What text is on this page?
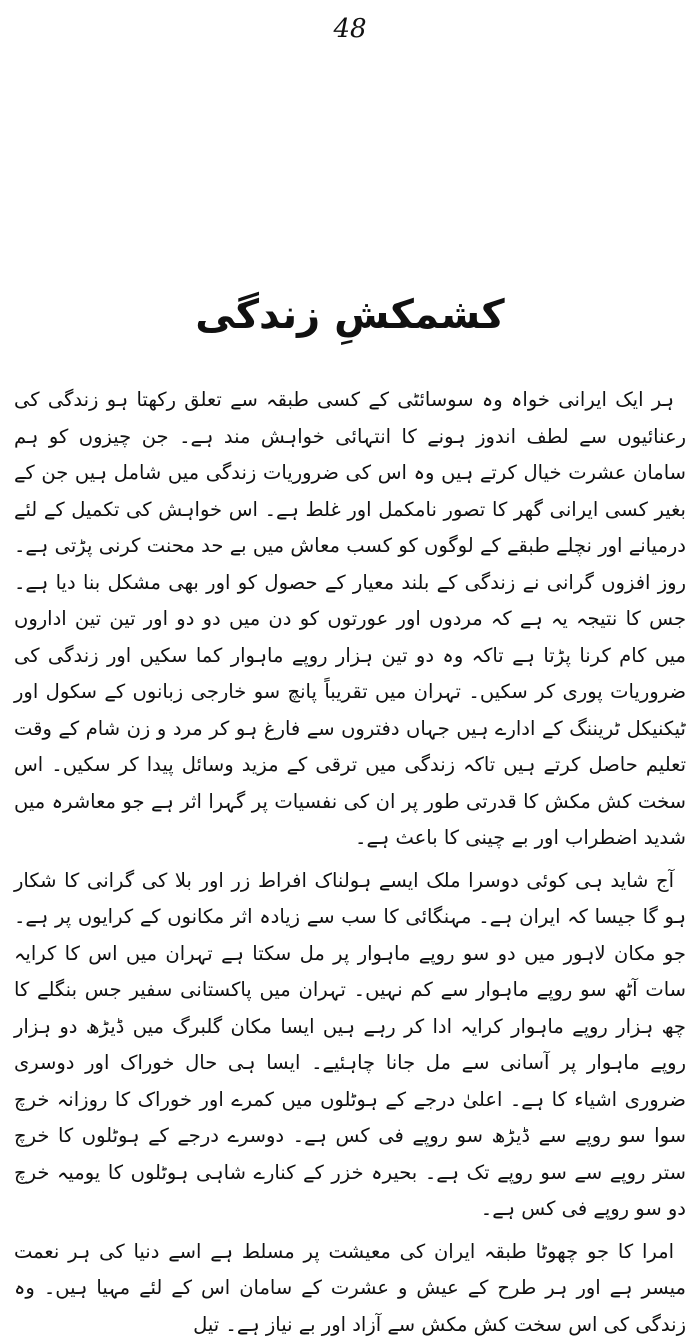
48
کشمکشِ زندگی

ہر ایک ایرانی خواہ وہ سوسائٹی کے کسی طبقہ سے تعلق رکھتا ہو زندگی کی رعنائیوں سے لطف اندوز ہونے کا انتہائی خواہش مند ہے۔ جن چیزوں کو ہم سامان عشرت خیال کرتے ہیں وہ اس کی ضروریات زندگی میں شامل ہیں جن کے بغیر کسی ایرانی گھر کا تصور نامکمل اور غلط ہے۔ اس خواہش کی تکمیل کے لئے درمیانے اور نچلے طبقے کے لوگوں کو کسب معاش میں بے حد محنت کرنی پڑتی ہے۔ روز افزوں گرانی نے زندگی کے بلند معیار کے حصول کو اور بھی مشکل بنا دیا ہے۔ جس کا نتیجہ یہ ہے کہ مردوں اور عورتوں کو دن میں دو دو اور تین تین اداروں میں کام کرنا پڑتا ہے تاکہ وہ دو تین ہزار روپے ماہوار کما سکیں اور زندگی کی ضروریات پوری کر سکیں۔ تہران میں تقریباً پانچ سو خارجی زبانوں کے سکول اور ٹیکنیکل ٹریننگ کے ادارے ہیں جہاں دفتروں سے فارغ ہو کر مرد و زن شام کے وقت تعلیم حاصل کرتے ہیں تاکہ زندگی میں ترقی کے مزید وسائل پیدا کر سکیں۔ اس سخت کش مکش کا قدرتی طور پر ان کی نفسیات پر گہرا اثر ہے جو معاشرہ میں شدید اضطراب اور بے چینی کا باعث ہے۔

آج شاید ہی کوئی دوسرا ملک ایسے ہولناک افراط زر اور بلا کی گرانی کا شکار ہو گا جیسا کہ ایران ہے۔ مہنگائی کا سب سے زیادہ اثر مکانوں کے کرایوں پر ہے۔ جو مکان لاہور میں دو سو روپے ماہوار پر مل سکتا ہے تہران میں اس کا کرایہ سات آٹھ سو روپے ماہوار سے کم نہیں۔ تہران میں پاکستانی سفیر جس بنگلے کا چھ ہزار روپے ماہوار کرایہ ادا کر رہے ہیں ایسا مکان گلبرگ میں ڈیڑھ دو ہزار روپے ماہوار پر آسانی سے مل جانا چاہئیے۔ ایسا ہی حال خوراک اور دوسری ضروری اشیاء کا ہے۔ اعلیٰ درجے کے ہوٹلوں میں کمرے اور خوراک کا روزانہ خرچ سوا سو روپے سے ڈیڑھ سو روپے فی کس ہے۔ دوسرے درجے کے ہوٹلوں کا خرچ ستر روپے سے سو روپے تک ہے۔ بحیرہ خزر کے کنارے شاہی ہوٹلوں کا یومیہ خرچ دو سو روپے فی کس ہے۔

امرا کا جو چھوٹا طبقہ ایران کی معیشت پر مسلط ہے اسے دنیا کی ہر نعمت میسر ہے اور ہر طرح کے عیش و عشرت کے سامان اس کے لئے مہیا ہیں۔ وہ زندگی کی اس سخت کش مکش سے آزاد اور بے نیاز ہے۔ تیل
